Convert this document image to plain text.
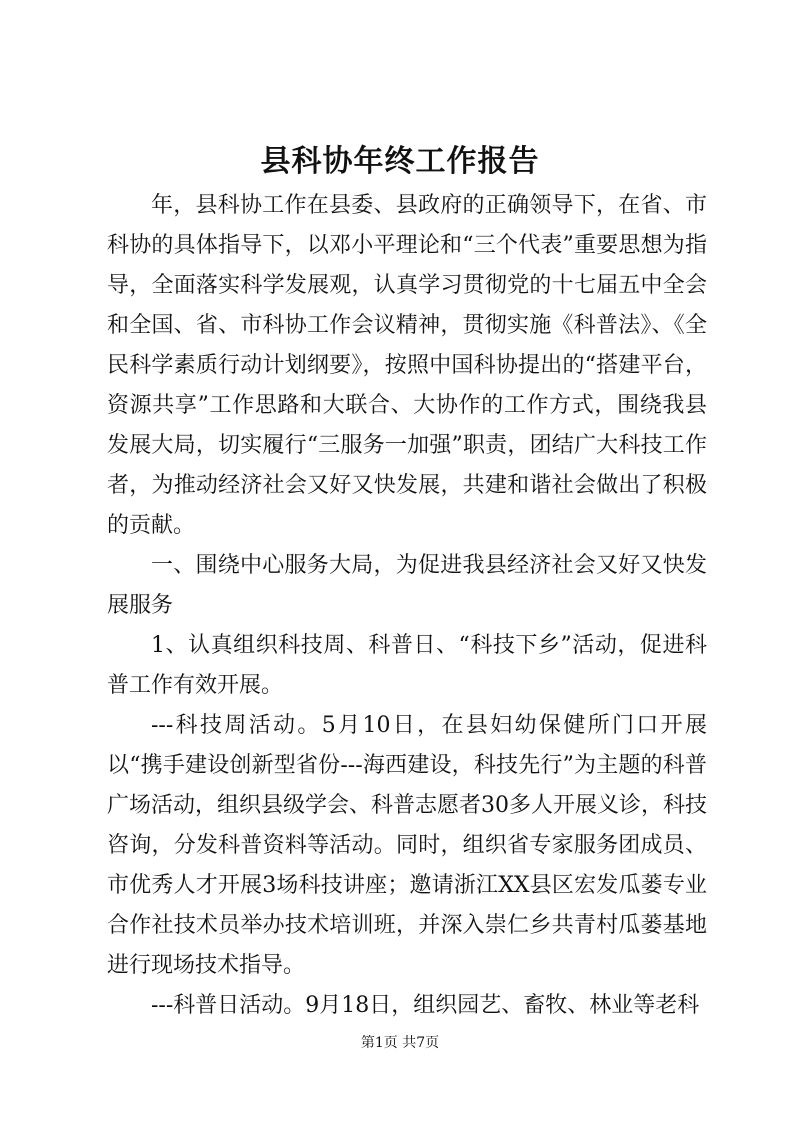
县科协年终工作报告

年，县科协工作在县委、县政府的正确领导下，在省、市科协的具体指导下，以邓小平理论和“三个代表”重要思想为指导，全面落实科学发展观，认真学习贯彻党的十七届五中全会和全国、省、市科协工作会议精神，贯彻实施《科普法》、《全民科学素质行动计划纲要》，按照中国科协提出的“搭建平台，资源共享”工作思路和大联合、大协作的工作方式，围绕我县发展大局，切实履行“三服务一加强”职责，团结广大科技工作者，为推动经济社会又好又快发展，共建和谐社会做出了积极的贡献。

一、围绕中心服务大局，为促进我县经济社会又好又快发展服务

1、认真组织科技周、科普日、“科技下乡”活动，促进科普工作有效开展。

---科技周活动。5月10日，在县妇幼保健所门口开展以“携手建设创新型省份---海西建设，科技先行”为主题的科普广场活动，组织县级学会、科普志愿者30多人开展义诊，科技咨询，分发科普资料等活动。同时，组织省专家服务团成员、市优秀人才开展3场科技讲座；邀请浙江XX县区宏发瓜蒌专业合作社技术员举办技术培训班，并深入崇仁乡共青村瓜蒌基地进行现场技术指导。

---科普日活动。9月18日，组织园艺、畜牧、林业等老科

第1页 共7页
